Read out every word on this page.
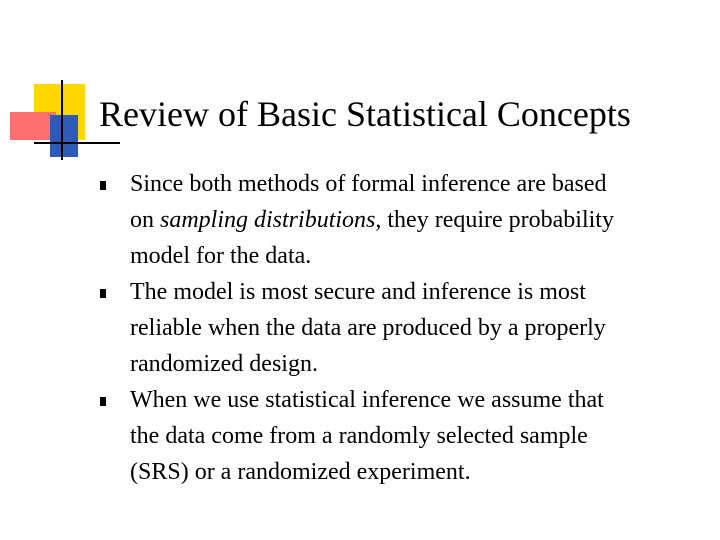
Review of Basic Statistical Concepts
Since both methods of formal inference are based
on sampling distributions, they require probability
model for the data.
The model is most secure and inference is most
reliable when the data are produced by a properly
randomized design.
When we use statistical inference we assume that
the data come from a randomly selected sample
(SRS) or a randomized experiment.
